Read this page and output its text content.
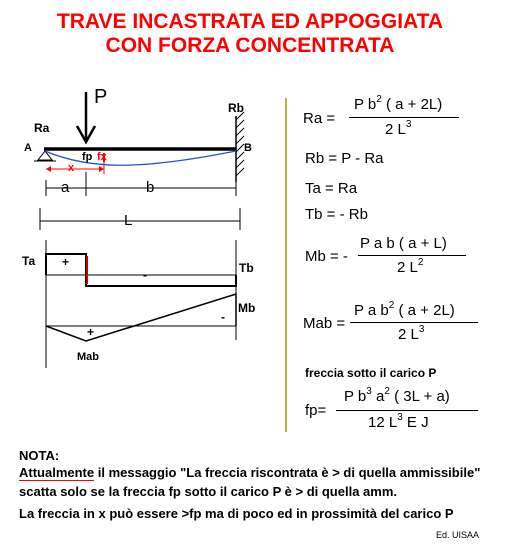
TRAVE INCASTRATA ED APPOGGIATA
CON FORZA CONCENTRATA
P
Ra
Rb
A	B
fp fx
x
a	b
L
Ta	Tb
+
-
Mb
-
+
Mab
Ra =
P $b^2$ ( a + 2L)
2 $L^3$
Rb = P - Ra
Ta = Ra
Tb = - Rb
Mb = -
P a b ( a + L)
2 $L^2$
Mab =
P a $b^2$ ( a + 2L)
2 $L^3$
freccia sotto il carico P
fp=
P $b^3$ $a^2$ ( 3L + a)
12 $L^3$ E J
NOTA:
Attualmente il messaggio "La freccia riscontrata è > di quella ammissibile"
scatta solo se la freccia fp sotto il carico P è > di quella amm.
La freccia in x può essere >fp ma di poco ed in prossimità del carico P
Ed. UISAA
